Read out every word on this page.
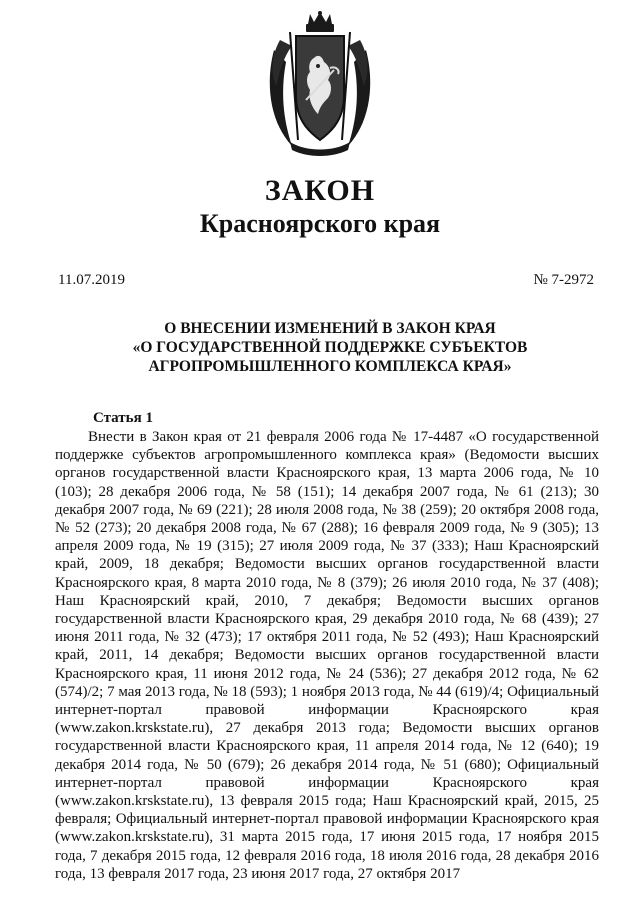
ЗАКОН
Красноярского края
11.07.2019	№ 7-2972
О ВНЕСЕНИИ ИЗМЕНЕНИЙ В ЗАКОН КРАЯ
«О ГОСУДАРСТВЕННОЙ ПОДДЕРЖКЕ СУБЪЕКТОВ
АГРОПРОМЫШЛЕННОГО КОМПЛЕКСА КРАЯ»
Статья 1

Внести в Закон края от 21 февраля 2006 года № 17-4487 «О государственной поддержке субъектов агропромышленного комплекса края» (Ведомости высших органов государственной власти Красноярского края, 13 марта 2006 года, № 10 (103); 28 декабря 2006 года, № 58 (151); 14 декабря 2007 года, № 61 (213); 30 декабря 2007 года, № 69 (221); 28 июля 2008 года, № 38 (259); 20 октября 2008 года, № 52 (273); 20 декабря 2008 года, № 67 (288); 16 февраля 2009 года, № 9 (305); 13 апреля 2009 года, № 19 (315); 27 июля 2009 года, № 37 (333); Наш Красноярский край, 2009, 18 декабря; Ведомости высших органов государственной власти Красноярского края, 8 марта 2010 года, № 8 (379); 26 июля 2010 года, № 37 (408); Наш Красноярский край, 2010, 7 декабря; Ведомости высших органов государственной власти Красноярского края, 29 декабря 2010 года, № 68 (439); 27 июня 2011 года, № 32 (473); 17 октября 2011 года, № 52 (493); Наш Красноярский край, 2011, 14 декабря; Ведомости высших органов государственной власти Красноярского края, 11 июня 2012 года, № 24 (536); 27 декабря 2012 года, № 62 (574)/2; 7 мая 2013 года, № 18 (593); 1 ноября 2013 года, № 44 (619)/4; Официальный интернет-портал правовой информации Красноярского края (www.zakon.krskstate.ru), 27 декабря 2013 года; Ведомости высших органов государственной власти Красноярского края, 11 апреля 2014 года, № 12 (640); 19 декабря 2014 года, № 50 (679); 26 декабря 2014 года, № 51 (680); Официальный интернет-портал правовой информации Красноярского края (www.zakon.krskstate.ru), 13 февраля 2015 года; Наш Красноярский край, 2015, 25 февраля; Официальный интернет-портал правовой информации Красноярского края (www.zakon.krskstate.ru), 31 марта 2015 года, 17 июня 2015 года, 17 ноября 2015 года, 7 декабря 2015 года, 12 февраля 2016 года, 18 июля 2016 года, 28 декабря 2016 года, 13 февраля 2017 года, 23 июня 2017 года, 27 октября 2017
